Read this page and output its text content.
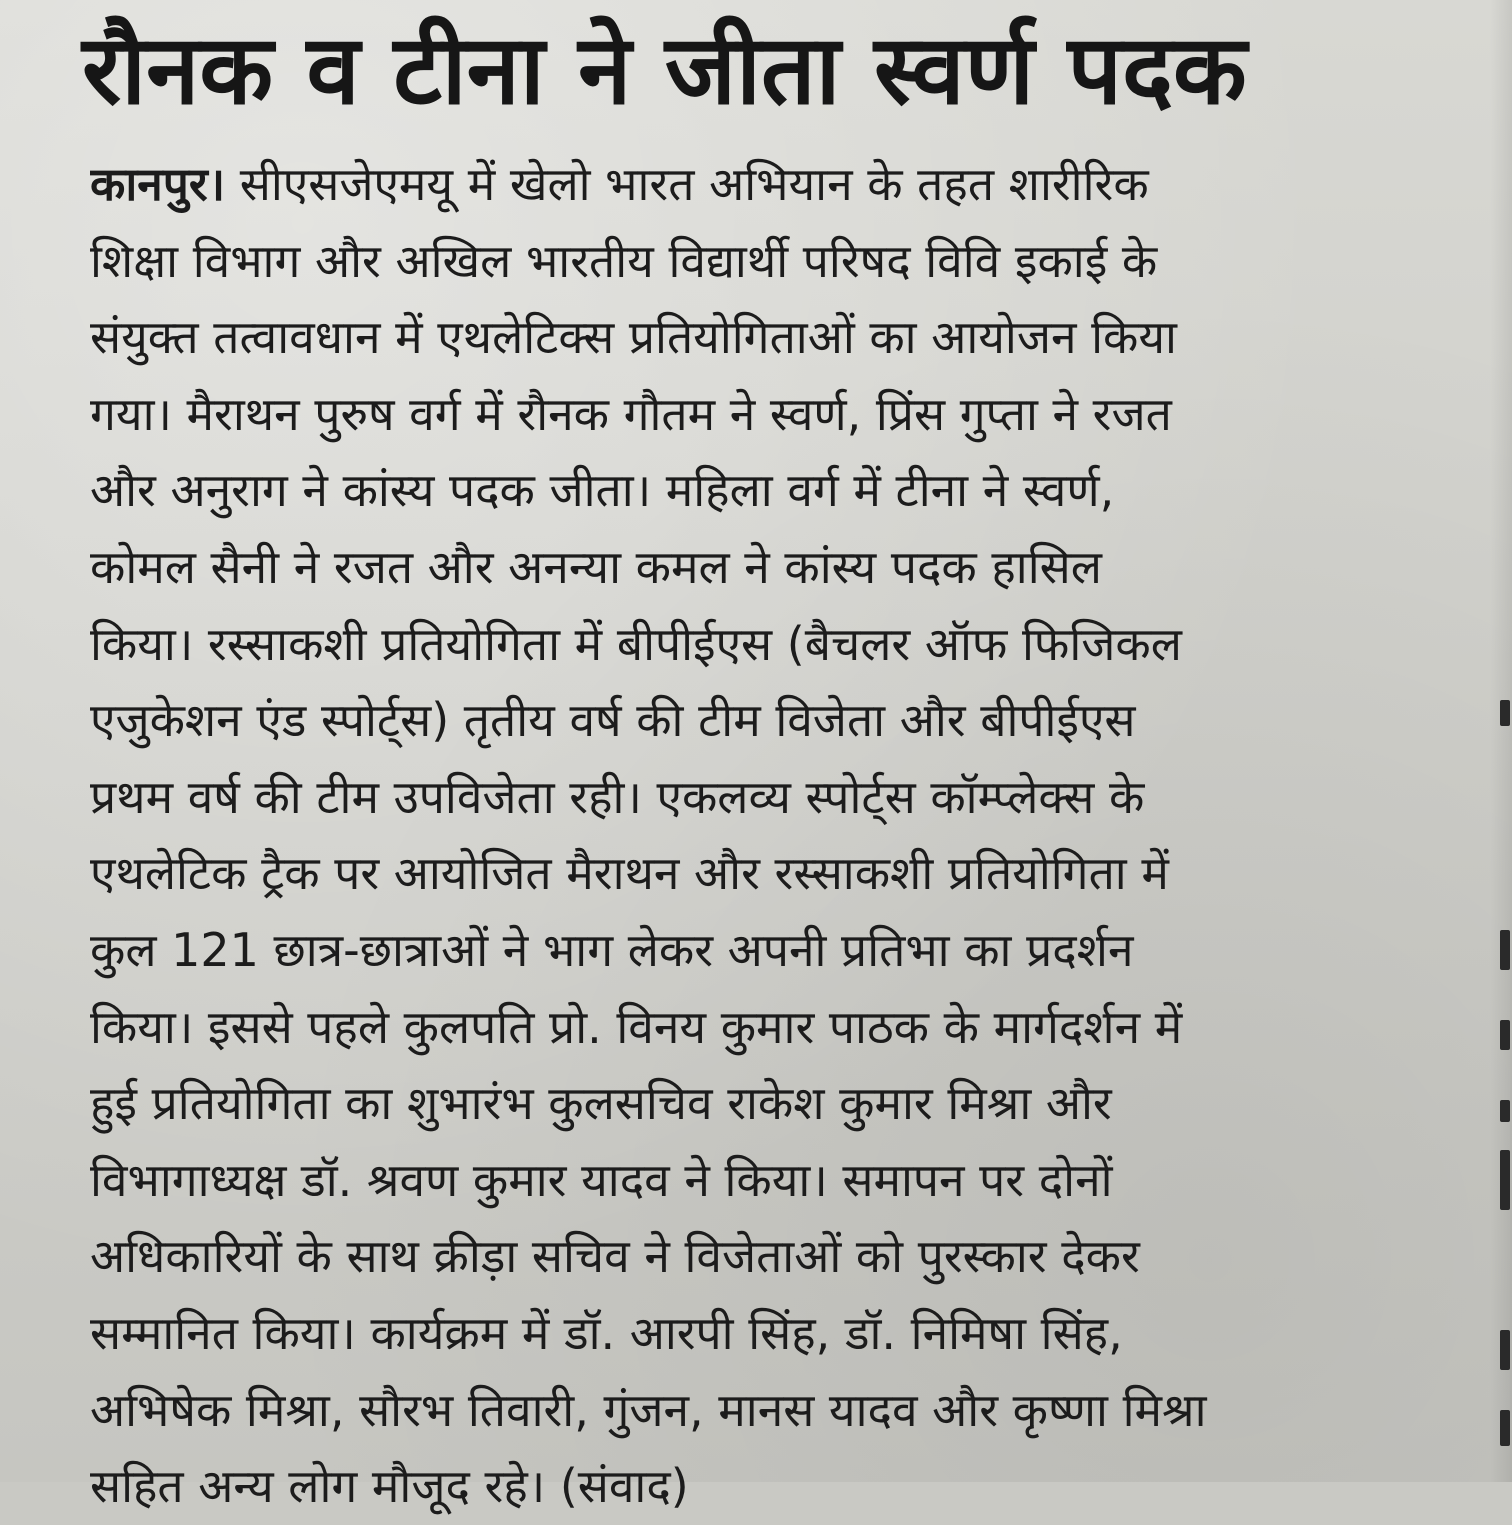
रौनक व टीना ने जीता स्वर्ण पदक
कानपुर। सीएसजेएमयू में खेलो भारत अभियान के तहत शारीरिक
शिक्षा विभाग और अखिल भारतीय विद्यार्थी परिषद विवि इकाई के
संयुक्त तत्वावधान में एथलेटिक्स प्रतियोगिताओं का आयोजन किया
गया। मैराथन पुरुष वर्ग में रौनक गौतम ने स्वर्ण, प्रिंस गुप्ता ने रजत
और अनुराग ने कांस्य पदक जीता। महिला वर्ग में टीना ने स्वर्ण,
कोमल सैनी ने रजत और अनन्या कमल ने कांस्य पदक हासिल
किया। रस्साकशी प्रतियोगिता में बीपीईएस (बैचलर ऑफ फिजिकल
एजुकेशन एंड स्पोर्ट्स) तृतीय वर्ष की टीम विजेता और बीपीईएस
प्रथम वर्ष की टीम उपविजेता रही। एकलव्य स्पोर्ट्स कॉम्प्लेक्स के
एथलेटिक ट्रैक पर आयोजित मैराथन और रस्साकशी प्रतियोगिता में
कुल 121 छात्र-छात्राओं ने भाग लेकर अपनी प्रतिभा का प्रदर्शन
किया। इससे पहले कुलपति प्रो. विनय कुमार पाठक के मार्गदर्शन में
हुई प्रतियोगिता का शुभारंभ कुलसचिव राकेश कुमार मिश्रा और
विभागाध्यक्ष डॉ. श्रवण कुमार यादव ने किया। समापन पर दोनों
अधिकारियों के साथ क्रीड़ा सचिव ने विजेताओं को पुरस्कार देकर
सम्मानित किया। कार्यक्रम में डॉ. आरपी सिंह, डॉ. निमिषा सिंह,
अभिषेक मिश्रा, सौरभ तिवारी, गुंजन, मानस यादव और कृष्णा मिश्रा
सहित अन्य लोग मौजूद रहे। (संवाद)
